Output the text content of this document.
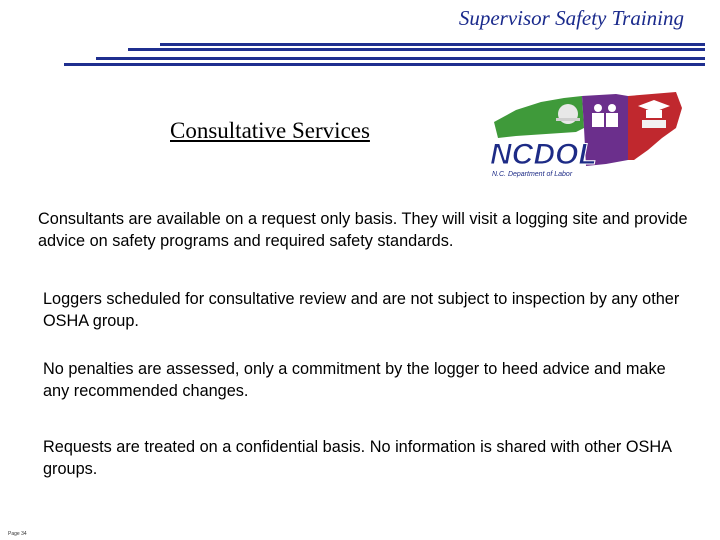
Supervisor Safety Training
Consultative Services
NCDOL
N.C. Department of Labor
Consultants are available on a request only basis. They will visit a logging site and provide advice on safety programs and required safety standards.
Loggers scheduled for consultative review and are not subject to inspection by any other OSHA group.
No penalties are assessed, only a commitment by the logger to heed advice and make any recommended changes.
Requests are treated on a confidential basis. No information is shared with other OSHA groups.
Page 34
